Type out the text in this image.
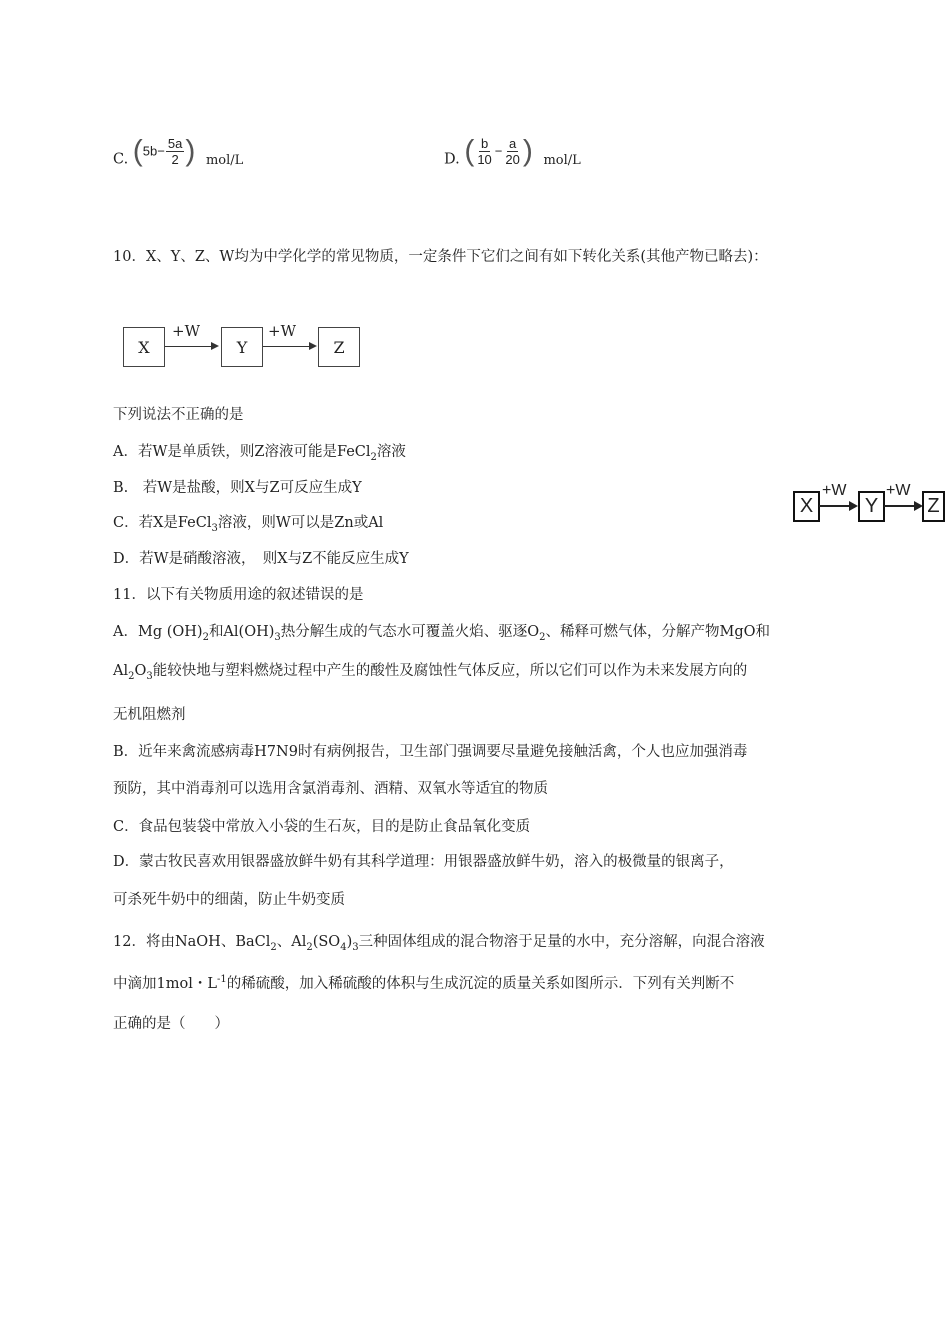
C. ($5b- \frac{5a}{2}$ ) mol/L	D. ( $\frac{b}{10} - \frac{a}{20}$ ) mol/L
10．X、Y、Z、W均为中学化学的常见物质，一定条件下它们之间有如下转化关系(其他产物已略去)：
X
+W
Y
+W
Z
下列说法不正确的是
A．若W是单质铁，则Z溶液可能是FeCl$_2$溶液
B.　若W是盐酸，则X与Z可反应生成Y
C．若X是FeCl$_3$溶液，则W可以是Zn或Al
D．若W是硝酸溶液，　则X与Z不能反应生成Y
X
+W
Y
+W
Z
11．以下有关物质用途的叙述错误的是
A．Mg $(OH)_2$和$Al(OH)_3$热分解生成的气态水可覆盖火焰、驱逐$O_2$、稀释可燃气体，分解产物MgO和
$Al_2O_3$能较快地与塑料燃烧过程中产生的酸性及腐蚀性气体反应，所以它们可以作为未来发展方向的
无机阻燃剂
B．近年来禽流感病毒H7N9时有病例报告，卫生部门强调要尽量避免接触活禽，个人也应加强消毒
预防，其中消毒剂可以选用含氯消毒剂、酒精、双氧水等适宜的物质
C．食品包装袋中常放入小袋的生石灰，目的是防止食品氧化变质
D．蒙古牧民喜欢用银器盛放鲜牛奶有其科学道理：用银器盛放鲜牛奶，溶入的极微量的银离子，
可杀死牛奶中的细菌，防止牛奶变质
12．将由NaOH、BaCl$_2$、$Al_2(SO_4)_3$三种固体组成的混合物溶于足量的水中，充分溶解，向混合溶液
中滴加1mol・$L^{-1}$的稀硫酸，加入稀硫酸的体积与生成沉淀的质量关系如图所示．下列有关判断不
正确的是（　　）
